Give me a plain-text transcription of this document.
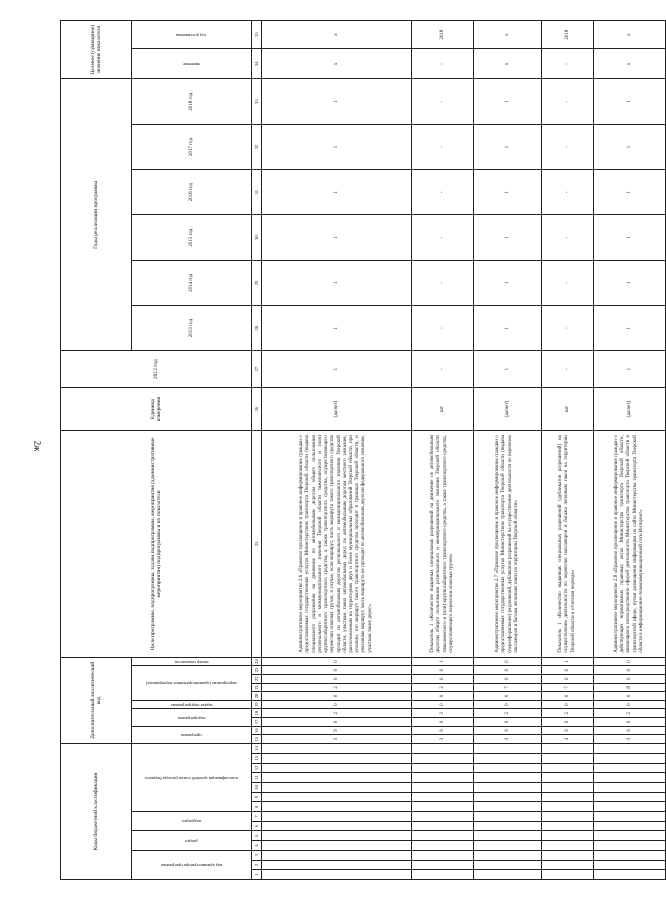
2ж
Коды бюджетной классификации														Дополнительный аналитический код										Цели программы, подпрограммы, задачи подпрограммы, мероприятия (административные мероприятия) подпрограммы и их показатели	Единица измерения	2012 год	Годы реализации программы						Целевое (суммарное) значение показателя	

код администратора программы			раздел		подраздел		классификация целевой статьи расхода бюджета							программа		подпрограмма		задача подпрограммы	мероприятие (административное мероприятие)				номер показателя				2013 год	2014 год	2015 год	2016 год	2017 год	2018 год	значение	год достижения

1	2	3	4	5	6	7	8	9	10	11	12	13	14	15	16	17	18	19	20	21	22	23	24	25	26	27	28	29	30	31	32	33	34	35
														3	9	0	2	0	0	2	0	0	0	Административное мероприятие 2.6 «Правовое просвещение и правовое информирование граждан о предоставляемых государственных услугах Министерством транспорта Тверской области (выдача специального разрешения на движение по автомобильным дорогам общего пользования регионального и межмуниципального значения Тверской области тяжеловесного и (или) крупногабаритного транспортного средства, а также транспортного средства, осуществляющего перевозки опасных грузов, в случае, если маршрут, часть маршрута такого транспортного средства проходит по автомобильным дорогам регионального и межмуниципального значения Тверской области, участкам таких автомобильных дорог, по автомобильным дорогам местного значения, расположенным на территориях двух и более муниципальных образований Тверской области, при условии, что маршрут такого транспортного средства проходит в границах Тверской области, и указанные маршрут, часть маршрута не проходят по автомобильным дорогам федерального значения, участкам таких дорог»	(да/нет)	1	1	1	1	1	1	1	х	х
														3	9	0	2	0	0	2	0	0	1	Показатель 1 «Количество выданных специальных разрешений на движение по автомобильным дорогам общего пользования регионального и межмуниципального значения Тверской области тяжеловесного и (или) крупногабаритного транспортного средства, а также транспортного средства, осуществляющего перевозки опасных грузов»	шт	-	-	-	-	-	-	-	-	2018
														3	9	0	2	0	0	7	0	0	0	Административное мероприятие 2.7 «Правовое просвещение и правовое информирование граждан о предоставляемых государственных услугах Министерством транспорта Тверской области (выдача (переоформление) разрешений, дубликатов разрешений на осуществление деятельности по перевозке пассажиров и багажа легковым такси на территории Тверской области»	(да/нет)	1	1	1	1	1	1	1	х	х
														3	9	0	2	0	0	7	0	0	1	Показатель 1 «Количество выданных специальных разрешений (дубликатов разрешений) на осуществление деятельности по перевозке пассажиров и багажа легковым такси на территории Тверской области в отчетном периоде»	шт	-	-	-	-	-	-	-	-	2018
														3	9	0	2	0	0	8	0	0	0	Административное мероприятие 2.8 «Правовое просвещение и правовое информирование граждан о действующих нормативных правовых актах Министерства транспорта Тверской области, являющихся непосредственно сферой деятельности Министерства транспорта Тверской области в транспортной сфере, путем размещения информации на сайте Министерства транспорта Тверской области в информационно-телекоммуникационной сети Интернет»	(да/нет)	1	1	1	1	1	1	1	х	х
